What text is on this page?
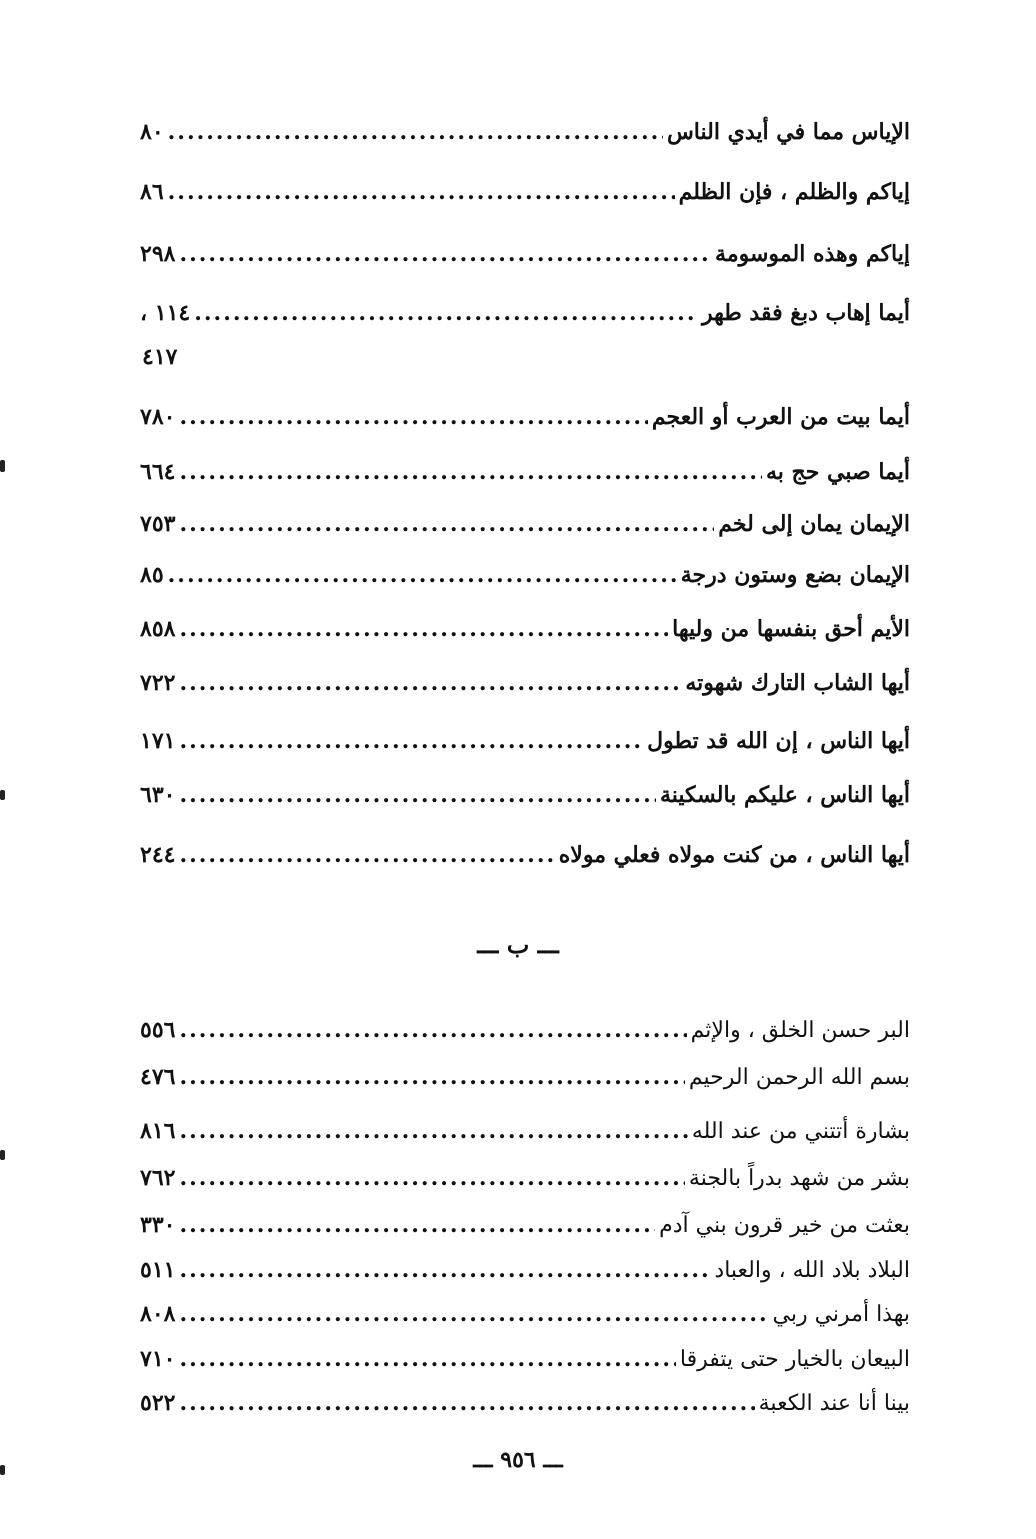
الإياس مما في أيدي الناس
.....
٨٠
إياكم والظلم ، فإن الظلم
.....
٨٦
إياكم وهذه الموسومة
.....
٢٩٨
أيما إهاب دبغ فقد طهر
.....
١١٤ ،
٤١٧
أيما بيت من العرب أو العجم
.....
٧٨٠
أيما صبي حج به
.....
٦٦٤
الإيمان يمان إلى لخم
.....
٧٥٣
الإيمان بضع وستون درجة
.....
٨٥
الأيم أحق بنفسها من وليها
.....
٨٥٨
أيها الشاب التارك شهوته
.....
٧٢٢
أيها الناس ، إن الله قد تطول
.....
١٧١
أيها الناس ، عليكم بالسكينة
.....
٦٣٠
أيها الناس ، من كنت مولاه فعلي مولاه
.....
٢٤٤
ـــ ب ـــ
البر حسن الخلق ، والإثم
.....
٥٥٦
بسم الله الرحمن الرحيم
.....
٤٧٦
بشارة أتتني من عند الله
.....
٨١٦
بشر من شهد بدراً بالجنة
.....
٧٦٢
بعثت من خير قرون بني آدم
.....
٣٣٠
البلاد بلاد الله ، والعباد
.....
٥١١
بهذا أمرني ربي
.....
٨٠٨
البيعان بالخيار حتى يتفرقا
.....
٧١٠
بينا أنا عند الكعبة
.....
٥٢٢
ـــ ٩٥٦ ـــ
